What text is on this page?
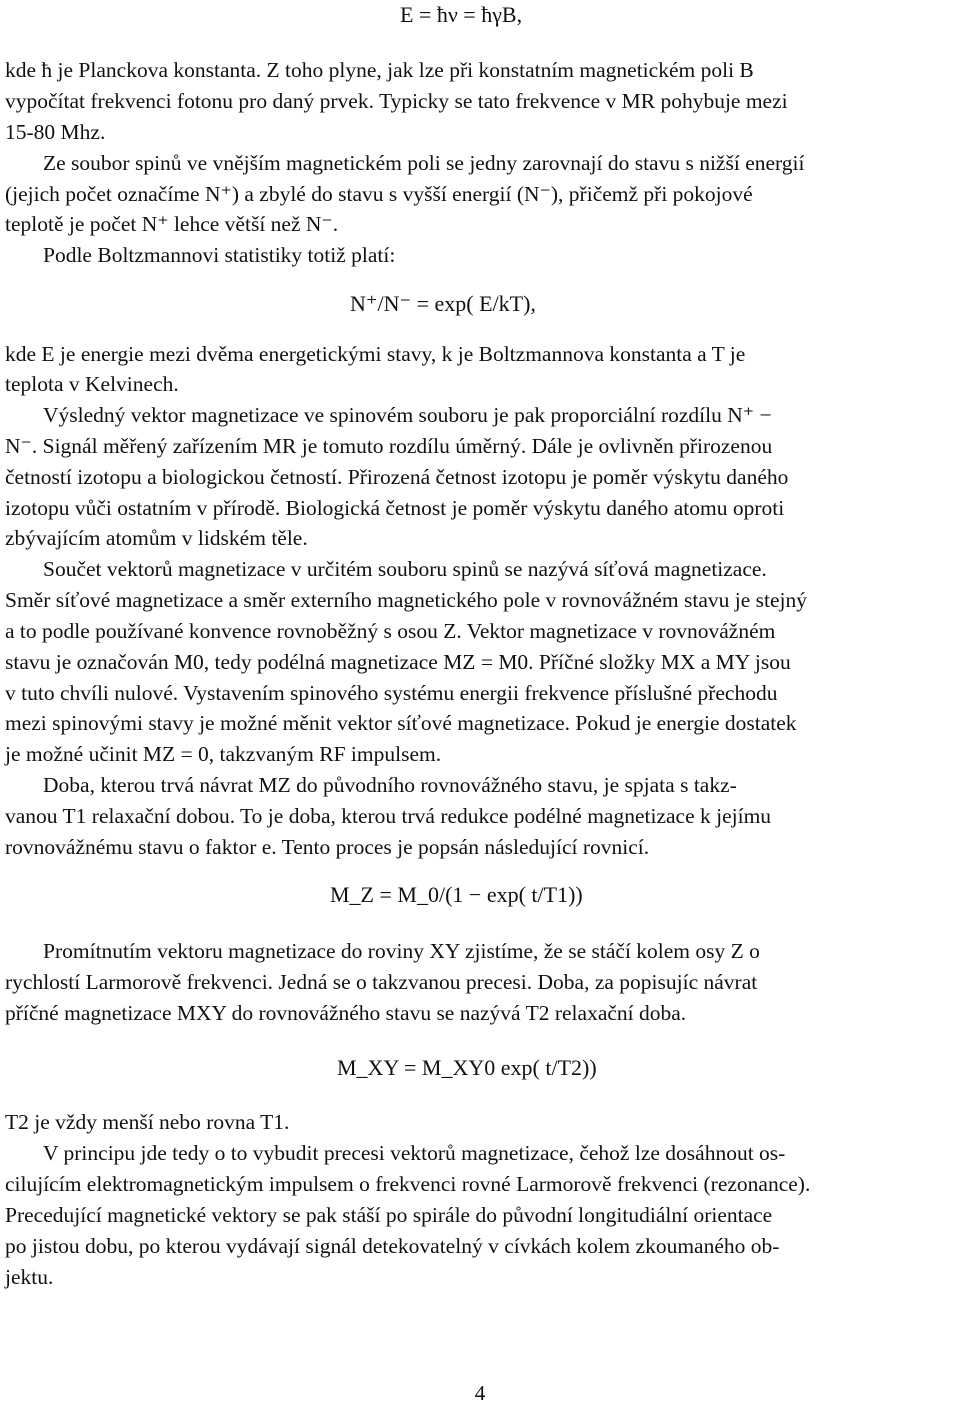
E = ħν = ħγB,
kde ħ je Planckova konstanta. Z toho plyne, jak lze při konstatním magnetickém poli B
vypočítat frekvenci fotonu pro daný prvek. Typicky se tato frekvence v MR pohybuje mezi
15-80 Mhz.
Ze soubor spinů ve vnějším magnetickém poli se jedny zarovnají do stavu s nižší energií
(jejich počet označíme N⁺) a zbylé do stavu s vyšší energií (N⁻), přičemž při pokojové
teplotě je počet N⁺ lehce větší než N⁻.
Podle Boltzmannovi statistiky totiž platí:
N⁺/N⁻ = exp( E/kT),
kde E je energie mezi dvěma energetickými stavy, k je Boltzmannova konstanta a T je
teplota v Kelvinech.
Výsledný vektor magnetizace ve spinovém souboru je pak proporciální rozdílu N⁺ −
N⁻. Signál měřený zařízením MR je tomuto rozdílu úměrný. Dále je ovlivněn přirozenou
četností izotopu a biologickou četností. Přirozená četnost izotopu je poměr výskytu daného
izotopu vůči ostatním v přírodě. Biologická četnost je poměr výskytu daného atomu oproti
zbývajícím atomům v lidském těle.
Součet vektorů magnetizace v určitém souboru spinů se nazývá síťová magnetizace.
Směr síťové magnetizace a směr externího magnetického pole v rovnovážném stavu je stejný
a to podle používané konvence rovnoběžný s osou Z. Vektor magnetizace v rovnovážném
stavu je označován M0, tedy podélná magnetizace MZ = M0. Příčné složky MX a MY jsou
v tuto chvíli nulové. Vystavením spinového systému energii frekvence příslušné přechodu
mezi spinovými stavy je možné měnit vektor síťové magnetizace. Pokud je energie dostatek
je možné učinit MZ = 0, takzvaným RF impulsem.
Doba, kterou trvá návrat MZ do původního rovnovážného stavu, je spjata s takz-
vanou T1 relaxační dobou. To je doba, kterou trvá redukce podélné magnetizace k jejímu
rovnovážnému stavu o faktor e. Tento proces je popsán následující rovnicí.
M_Z = M_0/(1 − exp( t/T1))
Promítnutím vektoru magnetizace do roviny XY zjistíme, že se stáčí kolem osy Z o
rychlostí Larmorově frekvenci. Jedná se o takzvanou precesi. Doba, za popisujíc návrat
příčné magnetizace MXY do rovnovážného stavu se nazývá T2 relaxační doba.
M_XY = M_XY0 exp( t/T2))
T2 je vždy menší nebo rovna T1.
V principu jde tedy o to vybudit precesi vektorů magnetizace, čehož lze dosáhnout os-
cilujícím elektromagnetickým impulsem o frekvenci rovné Larmorově frekvenci (rezonance).
Precedující magnetické vektory se pak stáší po spirále do původní longitudiální orientace
po jistou dobu, po kterou vydávají signál detekovatelný v cívkách kolem zkoumaného ob-
jektu.
4
